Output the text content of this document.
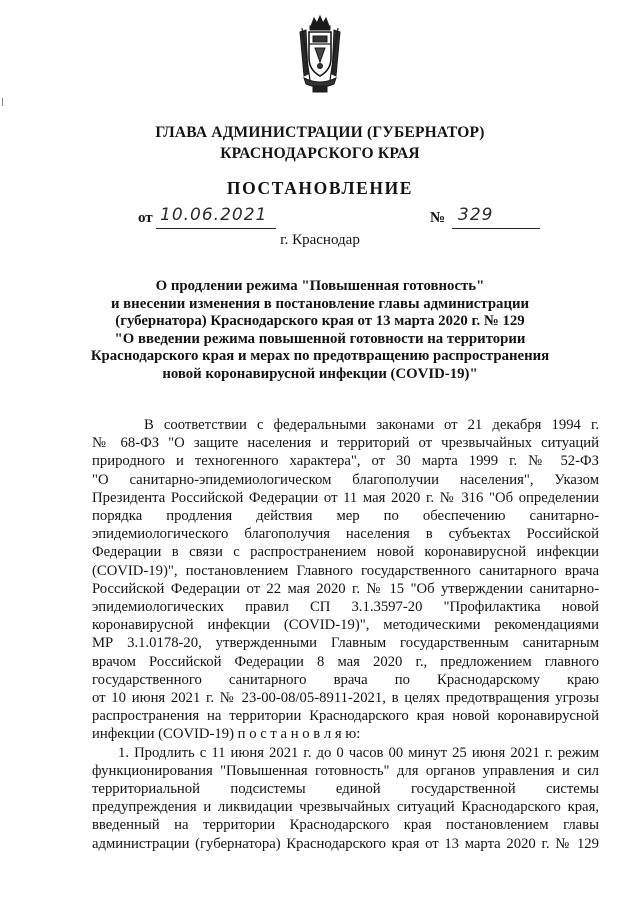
ГЛАВА АДМИНИСТРАЦИИ (ГУБЕРНАТОР)
КРАСНОДАРСКОГО КРАЯ
ПОСТАНОВЛЕНИЕ
от 10.06.2021	№ 329
г. Краснодар
О продлении режима "Повышенная готовность"
и внесении изменения в постановление главы администрации
(губернатора) Краснодарского края от 13 марта 2020 г. № 129
"О введении режима повышенной готовности на территории
Краснодарского края и мерах по предотвращению распространения
новой коронавирусной инфекции (COVID-19)"
В соответствии с федеральными законами от 21 декабря 1994 г.
№ 68-ФЗ "О защите населения и территорий от чрезвычайных ситуаций
природного и техногенного характера", от 30 марта 1999 г. № 52-ФЗ
"О санитарно-эпидемиологическом благополучии населения", Указом
Президента Российской Федерации от 11 мая 2020 г. № 316 "Об определении
порядка продления действия мер по обеспечению санитарно-
эпидемиологического благополучия населения в субъектах Российской
Федерации в связи с распространением новой коронавирусной инфекции
(COVID-19)", постановлением Главного государственного санитарного врача
Российской Федерации от 22 мая 2020 г. № 15 "Об утверждении санитарно-
эпидемиологических правил СП 3.1.3597-20 "Профилактика новой
коронавирусной инфекции (COVID-19)", методическими рекомендациями
МР 3.1.0178-20, утвержденными Главным государственным санитарным
врачом Российской Федерации 8 мая 2020 г., предложением главного
государственного санитарного врача по Краснодарскому краю
от 10 июня 2021 г. № 23-00-08/05-8911-2021, в целях предотвращения угрозы
распространения на территории Краснодарского края новой коронавирусной
инфекции (COVID-19) п о с т а н о в л я ю:
1. Продлить с 11 июня 2021 г. до 0 часов 00 минут 25 июня 2021 г. режим
функционирования "Повышенная готовность" для органов управления и сил
территориальной подсистемы единой государственной системы
предупреждения и ликвидации чрезвычайных ситуаций Краснодарского края,
введенный на территории Краснодарского края постановлением главы
администрации (губернатора) Краснодарского края от 13 марта 2020 г. № 129
